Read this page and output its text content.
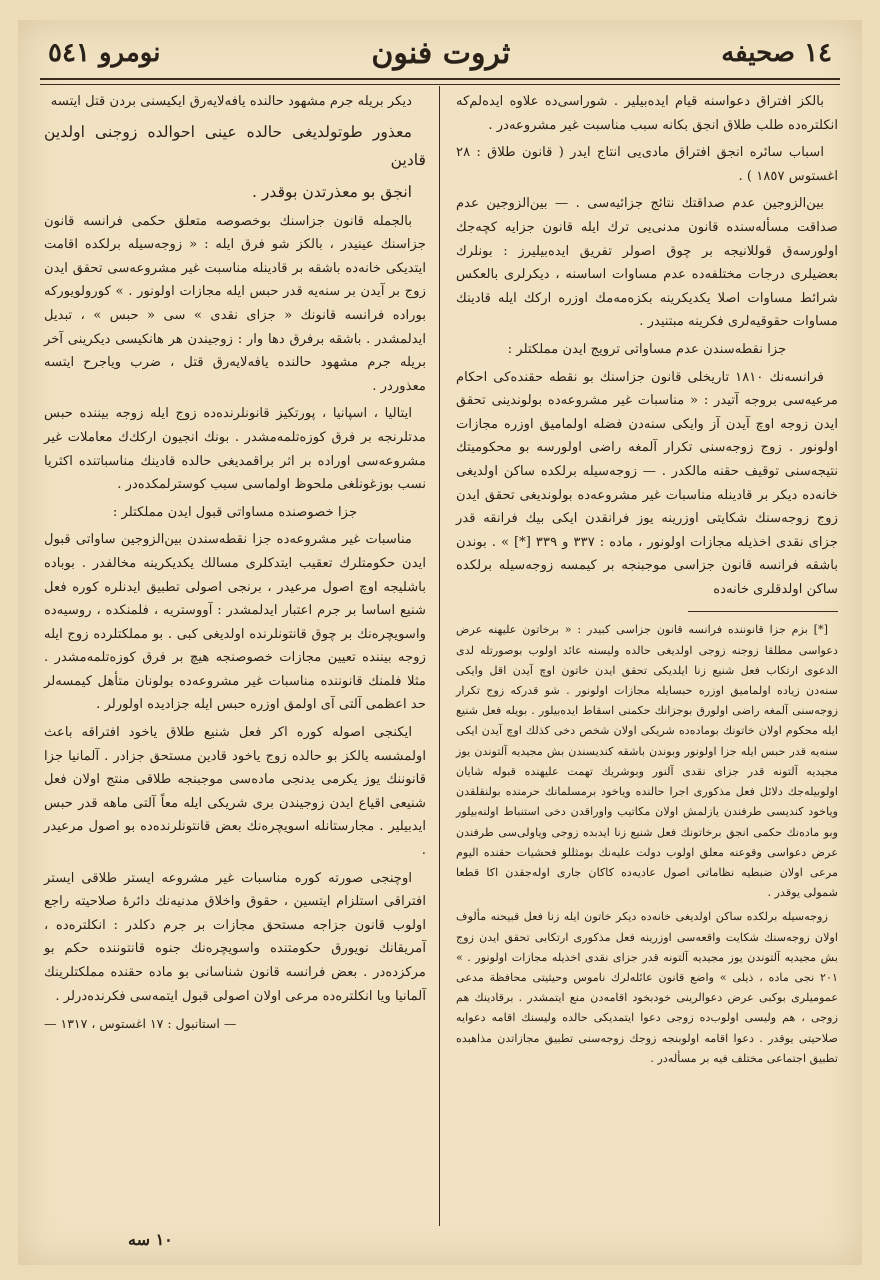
١٤ صحيفه
ثروت فنون
نومرو ٥٤١

بالكز افتراق دعواسنه قيام ايده‌بيلير . شوراسى‌ده علاوه ايده‌لم‌كه انكلتره‌ده طلب طلاق انجق بكانه سبب مناسبت غير مشروعه‌در .

اسباب سائره انجق افتراق مادى‌يى انتاج ايدر ( قانون طلاق : ٢٨ اغستوس ١٨٥٧ ) .

بين‌الزوجين عدم صداقتك نتائج جزائيه‌سى . — بين‌الزوجين عدم صداقت مسأله‌سنده قانون مدنى‌يى ترك ايله قانون جزايه كچه‌جك اولورسه‌ق قوللانيجه بر چوق اصولر تفريق ايده‌بيليرز : بونلرك بعضيلرى درجات مختلفه‌ده عدم مساوات اساسنه ، ديكرلرى بالعكس شرائط مساوات اصلا يكديكرينه بكزه‌مه‌مك اوزره اركك ايله قادينك مساوات حقوقيه‌لرى فكرينه مبتنيدر .

جزا نقطه‌سندن عدم مساواتى ترويج ايدن مملكتلر :

فرانسه‌نك ١٨١٠ تاريخلى قانون جزاسنك بو نقطه حقنده‌كى احكام مرعيه‌سى بروجه آتيدر : « مناسبات غير مشروعه‌ده بولوندينى تحقق ايدن زوجه اوچ آيدن آز وايكى سنه‌دن فضله اولماميق اوزره مجازات اولونور . زوج زوجه‌سنى تكرار آلمغه راضى اولورسه بو محكوميتك نتيجه‌سنى توقيف حقنه مالكدر . — زوجه‌سيله برلكده ساكن اولديغى خانه‌ده ديكر بر قادينله مناسبات غير مشروعه‌ده بولونديغى تحقق ايدن زوج زوجه‌سنك شكايتى اوزرينه يوز فرانقدن ايكى بيك فرانقه قدر جزاى نقدى اخذيله مجازات اولونور ، ماده : ٣٣٧ و ٣٣٩ [*] » . بوندن باشقه فرانسه قانون جزاسى موجبنجه بر كيمسه زوجه‌سيله برلكده ساكن اولدقلرى خانه‌ده

[*] بزم جزا قانوننده فرانسه قانون جزاسى كبيدر : « برخاتون عليهنه عرض دعواسى مطلقا زوجنه زوجى اولديغى حالده وليسنه عائد اولوب بوصورتله لدى الدعوى ارتكاب فعل شنيع زنا ايلديكى تحقق ايدن خاتون اوچ آيدن اقل وايكى سنه‌دن زياده اولماميق اوزره حبسايله مجازات اولونور . شو قدركه زوج تكرار زوجه‌سنى آلمغه راضى اولورق بوجزانك حكمنى اسقاط ايده‌بيلور . بويله فعل شنيع ايله محكوم اولان خاتونك بوماده‌ده شريكى اولان شخص دخى كذلك اوچ آيدن ايكى سنه‌يه قدر حبس ايله جزا اولونور وبوندن باشقه كنديسندن بش مجيديه آلتوندن يوز مجيديه آلتونه قدر جزاى نقدى آلنور وبوشريك تهمت عليهنده قبوله شايان اولوبيله‌جك دلائل فعل مذكورى اجرا حالنده وياخود برمسلمانك حرمنده بولنقلقدن وياخود كنديسى طرفندن يازلمش اولان مكاتيب واوراقدن دخى استنباط اولنه‌بيلور وبو ماده‌نك حكمى انجق برخاتونك فعل شنيع زنا ايدبده زوجى وياولى‌سى طرفندن عرض دعواسى وقوعنه معلق اولوب دولت عليه‌نك بومثللو فحشيات حقنده اليوم مرعى اولان ضبطيه نظاماتى اصول عاديه‌ده كاكان جارى اوله‌جقدن اكا قطعا شمولى يوقدر .

زوجه‌سيله برلكده ساكن اولديغى خانه‌ده ديكر خاتون ايله زنا فعل قبيحنه مألوف اولان زوجه‌سنك شكايت واقعه‌سى اوزرينه فعل مذكورى ارتكابى تحقق ايدن زوج بش مجيديه آلتوندن يوز مجيديه آلتونه قدر جزاى نقدى اخذيله مجازات اولونور . » ٢٠١ نجى ماده ، ذيلى » واضع قانون عائله‌لرك ناموس وحيثيتى محافظة مدعى عموميلرى بوكبى عرض دعوالرينى خودبخود اقامه‌دن منع ايتمشدر . برقادينك هم زوجى ، هم وليسى اولوب‌ده زوجى دعوا ايتمديكى حالده وليسنك اقامه دعوايه صلاحيتى يوقدر . دعوا اقامه اولوبنجه زوجك زوجه‌سنى تطبيق مجازاتدن مذاهبده تطبيق اجتماعى مختلف فيه بر مسأله‌در .

ديكر بريله جرم مشهود حالنده يافه‌لايه‌رق ايكيسنى بردن قتل ايتسه

معذور طوتولديغى حالده عينى احوالده زوجنى اولدين قادين

انجق بو معذرتدن بوقدر .

بالجمله قانون جزاسنك بوخصوصه متعلق حكمى فرانسه قانون جزاسنك عينيدر ، بالكز شو فرق ايله : « زوجه‌سيله برلكده اقامت ايتديكى خانه‌ده باشقه بر قادينله مناسبت غير مشروعه‌سى تحقق ايدن زوج بر آيدن بر سنه‌يه قدر حبس ايله مجازات اولونور . » كورولويوركه بوراده فرانسه قانونك « جزاى نقدى » سى « حبس » ، تبديل ايدلمشدر . باشقه برفرق دها وار : زوجيندن هر هانكيسى ديكرينى آخر بريله جرم مشهود حالنده يافه‌لايه‌رق قتل ، ضرب وياجرح ايتسه معذوردر .

ايتاليا ، اسپانيا ، پورتكيز قانونلرنده‌ده زوج ايله زوجه بيننده حبس مدتلرنجه بر فرق كوزه‌تلمه‌مشدر . بونك انجيون اركك‌ك معاملات غير مشروعه‌سى اوراده بر اثر براقمديغى حالده قادينك مناسباتنده اكثريا نسب بوزغونلغى ملحوظ اولماسى سبب كوسترلمكده‌در .

جزا خصوصنده مساواتى قبول ايدن مملكتلر :

مناسبات غير مشروعه‌ده جزا نقطه‌سندن بين‌الزوجين ساواتى قبول ايدن حكومتلرك تعقيب ايتدكلرى مسالك يكديكرينه مخالفدر . بوباده باشليجه اوچ اصول مرعيدر ، برنجى اصولى تطبيق ايدنلره كوره فعل شنيع اساسا بر جرم اعتبار ايدلمشدر : آووستريه ، فلمنكده ، روسيه‌ده واسويچره‌نك بر چوق قانتونلرنده اولديغى كبى . بو مملكتلرده زوج ايله زوجه بيننده تعيين مجازات خصوصنجه هيچ بر فرق كوزه‌تلمه‌مشدر . مثلا فلمنك قانوننده مناسبات غير مشروعه‌ده بولونان متأهل كيمسه‌لر حد اعظمى آلتى آى اولمق اوزره حبس ايله جزاديده اولورلر .

ايكنجى اصوله كوره اكر فعل شنيع طلاق ياخود افتراقه باعث اولمشسه يالكز بو حالده زوج ياخود قادين مستحق جزادر . آلمانيا جزا قانوننك يوز يكرمى يدنجى ماده‌سى موجبنجه طلاقى منتج اولان فعل شنيعى اقياع ايدن زوجيندن برى شريكى ايله معاً آلتى ماهه قدر حبس ايدبيلير . مجارستانله اسويچره‌نك بعض قانتونلرنده‌ده بو اصول مرعيدر .

اوچنجى صورته كوره مناسبات غير مشروعه ايستر طلاقى ايستر افتراقى استلزام ايتسين ، حقوق واخلاق مدنيه‌نك دائرۀ صلاحيته راجع اولوب قانون جزاجه مستحق مجازات بر جرم دكلدر : انكلتره‌ده ، آمريقانك نويورق حكومتنده واسويچره‌نك جنوه قانتوننده حكم بو مركزده‌در . بعض فرانسه قانون شناسانى بو ماده حقنده مملكتلرينك آلمانيا ويا انكلتره‌ده مرعى اولان اصولى قبول ايتمه‌سى فكرنده‌درلر .

— استانبول : ١٧ اغستوس ، ١٣١٧ —

١٠ سه
